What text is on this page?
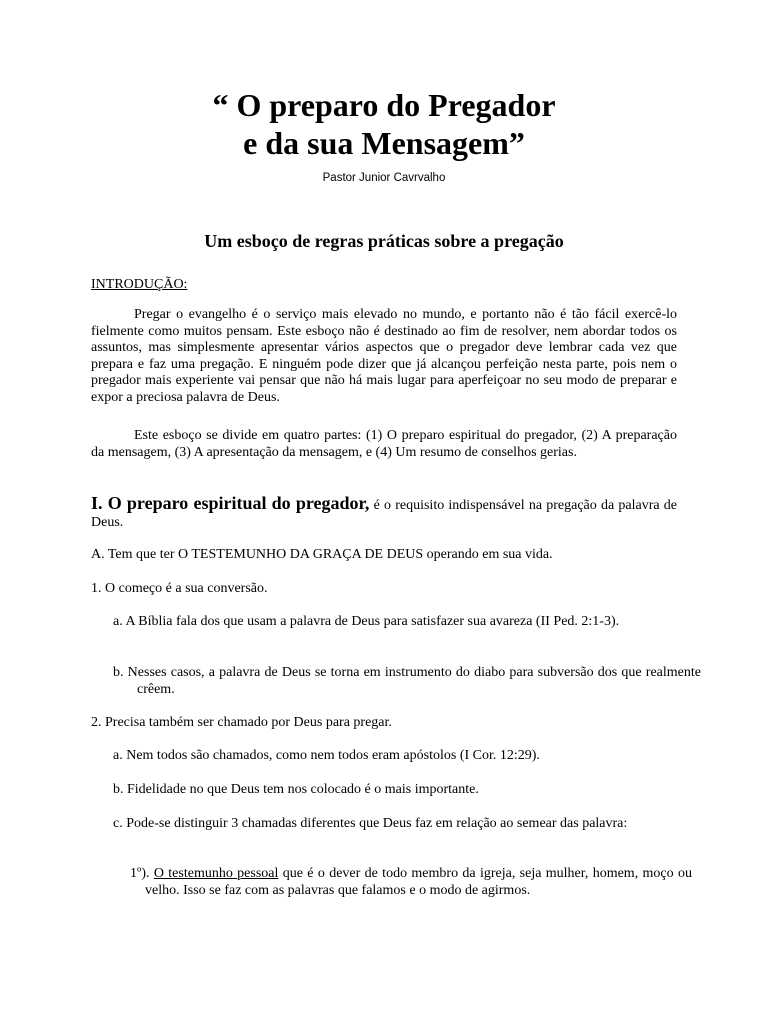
“ O preparo do Pregador
e da sua Mensagem”
Pastor Junior Cavrvalho
Um esboço de regras práticas sobre a pregação
INTRODUÇÃO:
Pregar o evangelho é o serviço mais elevado no mundo, e portanto não é tão fácil exercê-lo fielmente como muitos pensam. Este esboço não é destinado ao fim de resolver, nem abordar todos os assuntos, mas simplesmente apresentar vários aspectos que o pregador deve lembrar cada vez que prepara e faz uma pregação. E ninguém pode dizer que já alcançou perfeição nesta parte, pois nem o pregador mais experiente vai pensar que não há mais lugar para aperfeiçoar no seu modo de preparar e expor a preciosa palavra de Deus.
Este esboço se divide em quatro partes: (1) O preparo espiritual do pregador, (2) A preparação da mensagem, (3) A apresentação da mensagem, e (4) Um resumo de conselhos gerias.
I. O preparo espiritual do pregador, é o requisito indispensável na pregação da palavra de Deus.
A. Tem que ter O TESTEMUNHO DA GRAÇA DE DEUS operando em sua vida.
1. O começo é a sua conversão.
a. A Bíblia fala dos que usam a palavra de Deus para satisfazer sua avareza (II Ped. 2:1-3).
b. Nesses casos, a palavra de Deus se torna em instrumento do diabo para subversão dos que realmente crêem.
2. Precisa também ser chamado por Deus para pregar.
a. Nem todos são chamados, como nem todos eram apóstolos (I Cor. 12:29).
b. Fidelidade no que Deus tem nos colocado é o mais importante.
c. Pode-se distinguir 3 chamadas diferentes que Deus faz em relação ao semear das palavra:
1º). O testemunho pessoal que é o dever de todo membro da igreja, seja mulher, homem, moço ou velho. Isso se faz com as palavras que falamos e o modo de agirmos.
